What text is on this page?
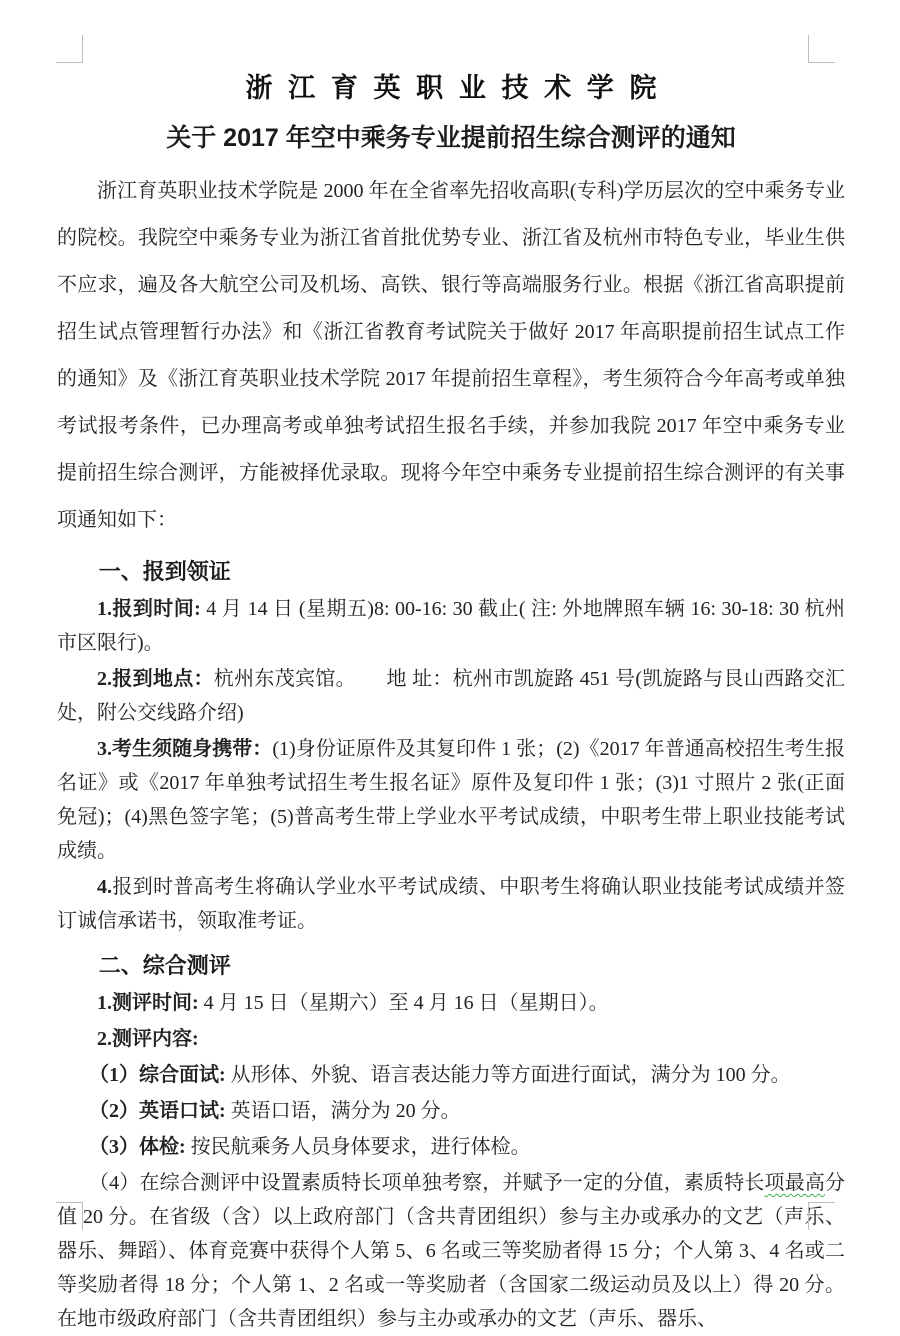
浙江育英职业技术学院
关于 2017 年空中乘务专业提前招生综合测评的通知

浙江育英职业技术学院是 2000 年在全省率先招收高职(专科)学历层次的空中乘务专业的院校。我院空中乘务专业为浙江省首批优势专业、浙江省及杭州市特色专业，毕业生供不应求，遍及各大航空公司及机场、高铁、银行等高端服务行业。根据《浙江省高职提前招生试点管理暂行办法》和《浙江省教育考试院关于做好 2017 年高职提前招生试点工作的通知》及《浙江育英职业技术学院 2017 年提前招生章程》，考生须符合今年高考或单独考试报考条件，已办理高考或单独考试招生报名手续，并参加我院 2017 年空中乘务专业提前招生综合测评，方能被择优录取。现将今年空中乘务专业提前招生综合测评的有关事项通知如下：

一、报到领证

1.报到时间: 4 月 14 日 (星期五)8: 00-16: 30 截止( 注: 外地牌照车辆 16: 30-18: 30 杭州市区限行)。

2.报到地点：杭州东茂宾馆。　　地 址：杭州市凯旋路 451 号(凯旋路与艮山西路交汇处，附公交线路介绍)

3.考生须随身携带：(1)身份证原件及其复印件 1 张；(2)《2017 年普通高校招生考生报名证》或《2017 年单独考试招生考生报名证》原件及复印件 1 张；(3)1 寸照片 2 张(正面免冠)；(4)黑色签字笔；(5)普高考生带上学业水平考试成绩，中职考生带上职业技能考试成绩。

4.报到时普高考生将确认学业水平考试成绩、中职考生将确认职业技能考试成绩并签订诚信承诺书，领取准考证。

二、综合测评

1.测评时间: 4 月 15 日（星期六）至 4 月 16 日（星期日）。

2.测评内容:

（1）综合面试: 从形体、外貌、语言表达能力等方面进行面试，满分为 100 分。

（2）英语口试: 英语口语，满分为 20 分。

（3）体检: 按民航乘务人员身体要求，进行体检。

（4）在综合测评中设置素质特长项单独考察，并赋予一定的分值，素质特长项最高分值 20 分。在省级（含）以上政府部门（含共青团组织）参与主办或承办的文艺（声乐、器乐、舞蹈）、体育竞赛中获得个人第 5、6 名或三等奖励者得 15 分；个人第 3、4 名或二等奖励者得 18 分；个人第 1、2 名或一等奖励者（含国家二级运动员及以上）得 20 分。在地市级政府部门（含共青团组织）参与主办或承办的文艺（声乐、器乐、
